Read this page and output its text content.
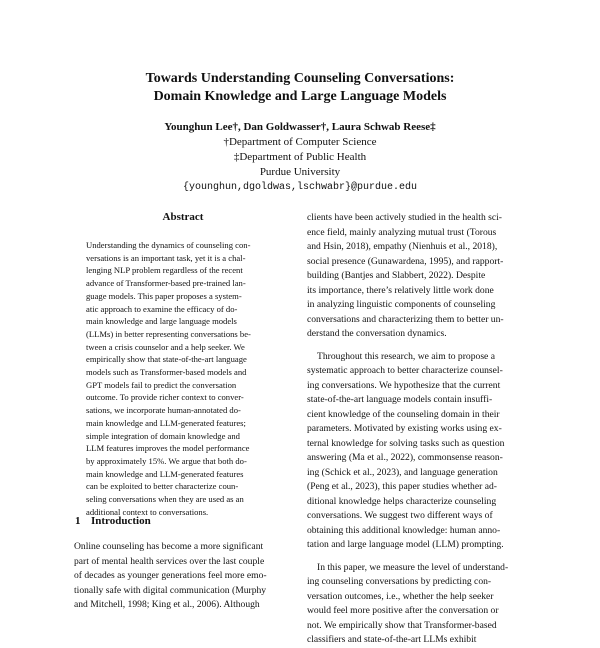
Towards Understanding Counseling Conversations:
Domain Knowledge and Large Language Models
Younghun Lee†, Dan Goldwasser†, Laura Schwab Reese‡
†Department of Computer Science
‡Department of Public Health
Purdue University
{younghun,dgoldwas,lschwabr}@purdue.edu
Abstract
Understanding the dynamics of counseling con-
versations is an important task, yet it is a chal-
lenging NLP problem regardless of the recent
advance of Transformer-based pre-trained lan-
guage models. This paper proposes a system-
atic approach to examine the efficacy of do-
main knowledge and large language models
(LLMs) in better representing conversations be-
tween a crisis counselor and a help seeker. We
empirically show that state-of-the-art language
models such as Transformer-based models and
GPT models fail to predict the conversation
outcome. To provide richer context to conver-
sations, we incorporate human-annotated do-
main knowledge and LLM-generated features;
simple integration of domain knowledge and
LLM features improves the model performance
by approximately 15%. We argue that both do-
main knowledge and LLM-generated features
can be exploited to better characterize coun-
seling conversations when they are used as an
additional context to conversations.
1 Introduction
Online counseling has become a more significant
part of mental health services over the last couple
of decades as younger generations feel more emo-
tionally safe with digital communication (Murphy
and Mitchell, 1998; King et al., 2006). Although
clients have been actively studied in the health sci-
ence field, mainly analyzing mutual trust (Torous
and Hsin, 2018), empathy (Nienhuis et al., 2018),
social presence (Gunawardena, 1995), and rapport-
building (Bantjes and Slabbert, 2022). Despite
its importance, there’s relatively little work done
in analyzing linguistic components of counseling
conversations and characterizing them to better un-
derstand the conversation dynamics.
Throughout this research, we aim to propose a
systematic approach to better characterize counsel-
ing conversations. We hypothesize that the current
state-of-the-art language models contain insuffi-
cient knowledge of the counseling domain in their
parameters. Motivated by existing works using ex-
ternal knowledge for solving tasks such as question
answering (Ma et al., 2022), commonsense reason-
ing (Schick et al., 2023), and language generation
(Peng et al., 2023), this paper studies whether ad-
ditional knowledge helps characterize counseling
conversations. We suggest two different ways of
obtaining this additional knowledge: human anno-
tation and large language model (LLM) prompting.
In this paper, we measure the level of understand-
ing counseling conversations by predicting con-
versation outcomes, i.e., whether the help seeker
would feel more positive after the conversation or
not. We empirically show that Transformer-based
classifiers and state-of-the-art LLMs exhibit
